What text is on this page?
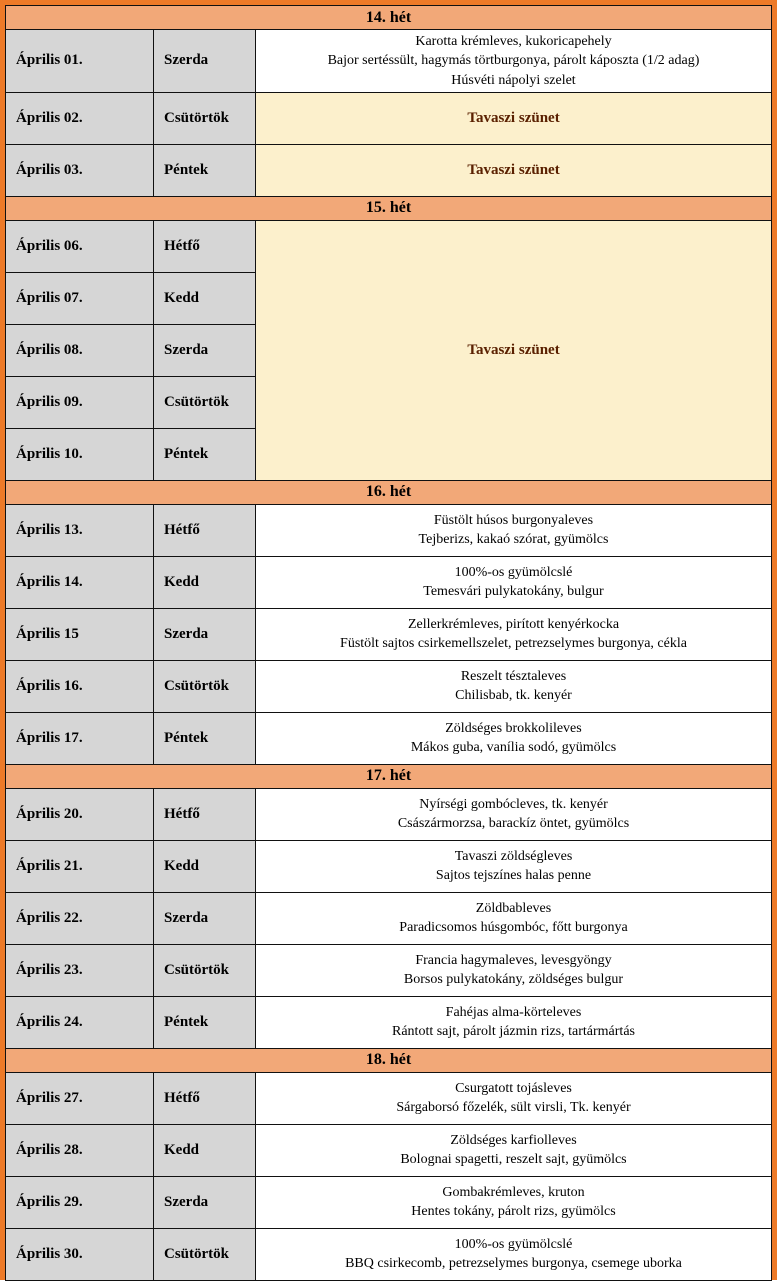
14. hét		
Április 01.	Szerda	Karotta krémleves, kukoricapehely
Bajor sertéssült, hagymás törtburgonya, párolt káposzta (1/2 adag)
Húsvéti nápolyi szelet

Április 02.	Csütörtök	Tavaszi szünet

Április 03.	Péntek	Tavaszi szünet

15. hét		
Április 06.	Hétfő	Tavaszi szünet
Április 07.	Kedd	
Április 08.	Szerda	
Április 09.	Csütörtök	
Április 10.	Péntek	
16. hét		
Április 13.	Hétfő	Füstölt húsos burgonyaleves
Tejberizs, kakaó szórat, gyümölcs

Április 14.	Kedd	100%-os gyümölcslé
Temesvári pulykatokány, bulgur

Április 15	Szerda	Zellerkrémleves, pirított kenyérkocka
Füstölt sajtos csirkemellszelet, petrezselymes burgonya, cékla

Április 16.	Csütörtök	Reszelt tésztaleves
Chilisbab, tk. kenyér

Április 17.	Péntek	Zöldséges brokkolileves
Mákos guba, vanília sodó, gyümölcs

17. hét		
Április 20.	Hétfő	Nyírségi gombócleves, tk. kenyér
Császármorzsa, barackíz öntet, gyümölcs

Április 21.	Kedd	Tavaszi zöldségleves
Sajtos tejszínes halas penne

Április 22.	Szerda	Zöldbableves
Paradicsomos húsgombóc, főtt burgonya

Április 23.	Csütörtök	Francia hagymaleves, levesgyöngy
Borsos pulykatokány, zöldséges bulgur

Április 24.	Péntek	Fahéjas alma-körteleves
Rántott sajt, párolt jázmin rizs, tartármártás

18. hét		
Április 27.	Hétfő	Csurgatott tojásleves
Sárgaborsó főzelék, sült virsli, Tk. kenyér

Április 28.	Kedd	Zöldséges karfiolleves
Bolognai spagetti, reszelt sajt, gyümölcs

Április 29.	Szerda	Gombakrémleves, kruton
Hentes tokány, párolt rizs, gyümölcs

Április 30.	Csütörtök	100%-os gyümölcslé
BBQ csirkecomb, petrezselymes burgonya, csemege uborka
